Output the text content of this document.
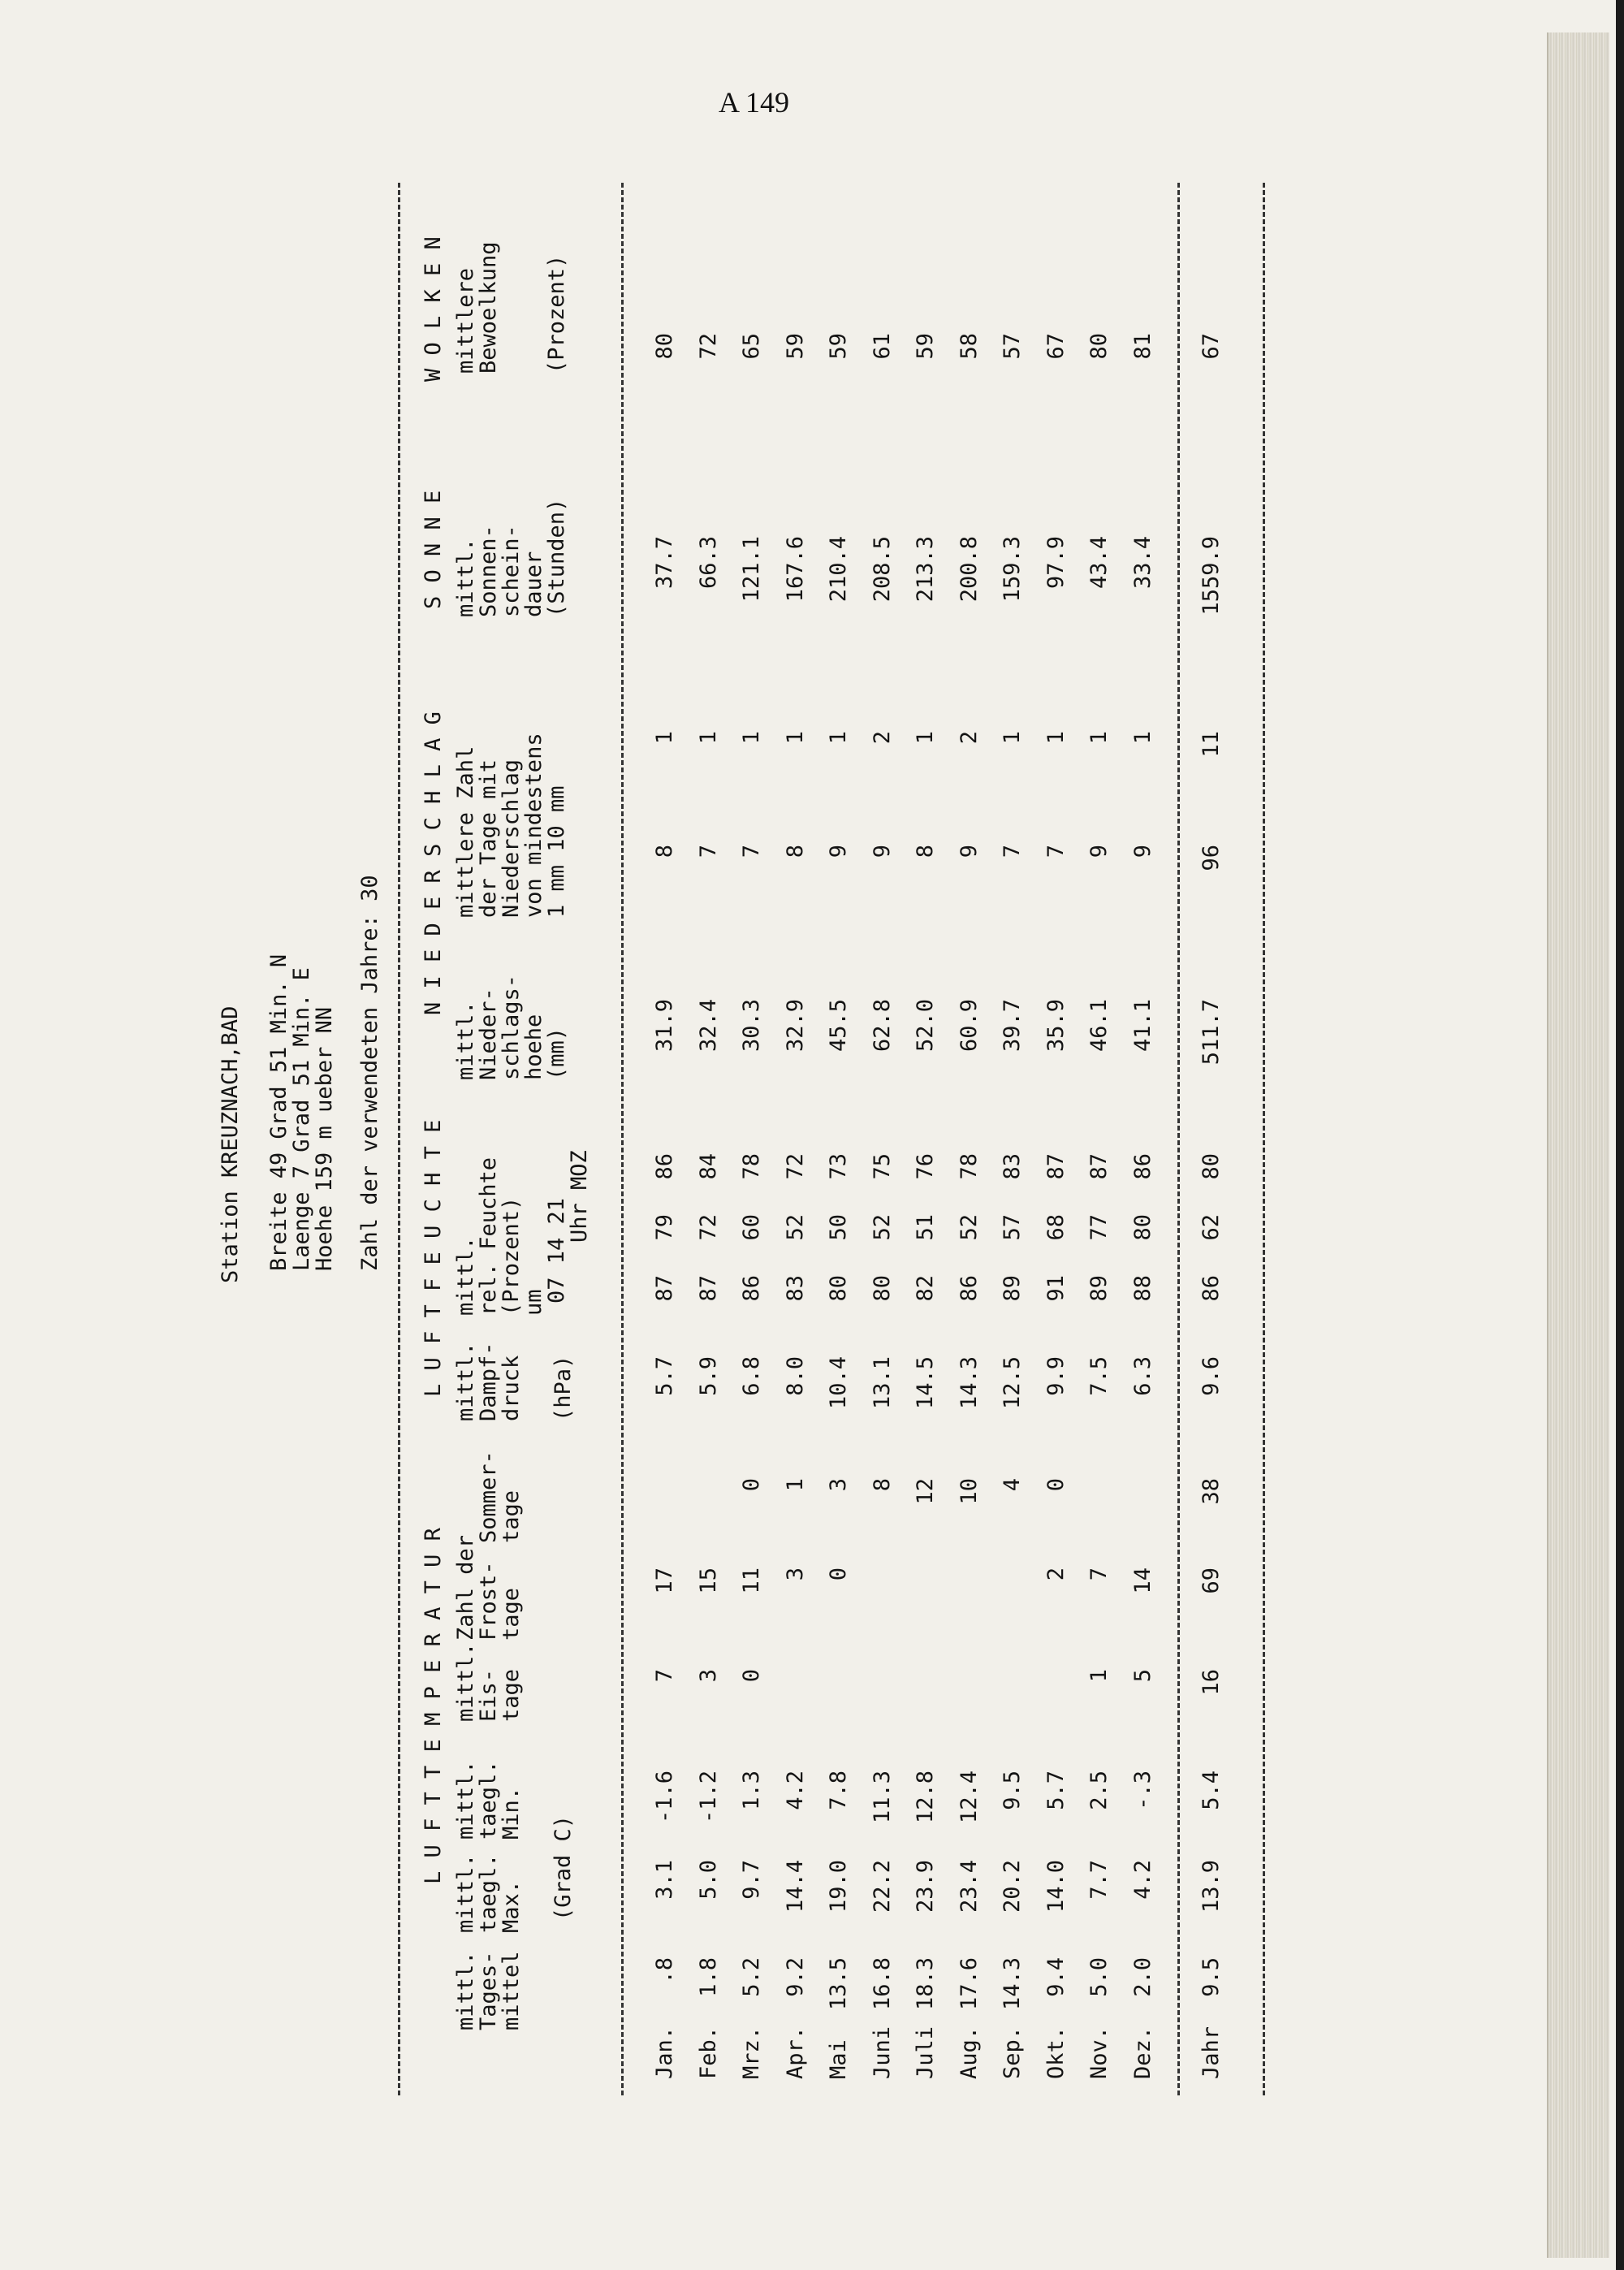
A 149
Station KREUZNACH,BAD Breite 49 Grad 51 Min. N
Laenge 7 Grad 51 Min. E
Hoehe 159 m ueber NN Zahl der verwendeten Jahre: 30
L U F T T E M P E R A T U R
L U F T F E U C H T E
N I E D E R S C H L A G
S O N N E
W O L K E N
mittl.
Tages-
mittel
mittl.
taegl.
Max.
mittl.
taegl.
Min.
(Grad C)
mittl.
Eis-
tage
Zahl der
Frost-
tage
Sommer-
tage
mittl.
Dampf-
druck (hPa)
mittl.
rel. Feuchte
(Prozent)
um
07 14 21
Uhr MOZ
mittl.
Nieder-
schlags-
hoehe
(mm)
mittlere Zahl
der Tage mit
Niederschlag
von mindestens
1 mm 10 mm
mittl.
Sonnen-
schein-
dauer
(Stunden)
mittlere
Bewoelkung (Prozent)
Jan.
.8
3.1
-1.6
7
17
5.7
87
79
86
31.9
8
1
37.7
80
Feb.
1.8
5.0
-1.2
3
15
5.9
87
72
84
32.4
7
1
66.3
72
Mrz.
5.2
9.7
1.3
0
11
0
6.8
86
60
78
30.3
7
1
121.1
65
Apr.
9.2
14.4
4.2
3
1
8.0
83
52
72
32.9
8
1
167.6
59
Mai
13.5
19.0
7.8
0
3
10.4
80
50
73
45.5
9
1
210.4
59
Juni
16.8
22.2
11.3
8
13.1
80
52
75
62.8
9
2
208.5
61
Juli
18.3
23.9
12.8
12
14.5
82
51
76
52.0
8
1
213.3
59
Aug.
17.6
23.4
12.4
10
14.3
86
52
78
60.9
9
2
200.8
58
Sep.
14.3
20.2
9.5
4
12.5
89
57
83
39.7
7
1
159.3
57
Okt.
9.4
14.0
5.7
2
0
9.9
91
68
87
35.9
7
1
97.9
67
Nov.
5.0
7.7
2.5
1
7
7.5
89
77
87
46.1
9
1
43.4
80
Dez.
2.0
4.2
-.3
5
14
6.3
88
80
86
41.1
9
1
33.4
81
Jahr
9.5
13.9
5.4
16
69
38
9.6
86
62
80
511.7
96
11
1559.9
67
